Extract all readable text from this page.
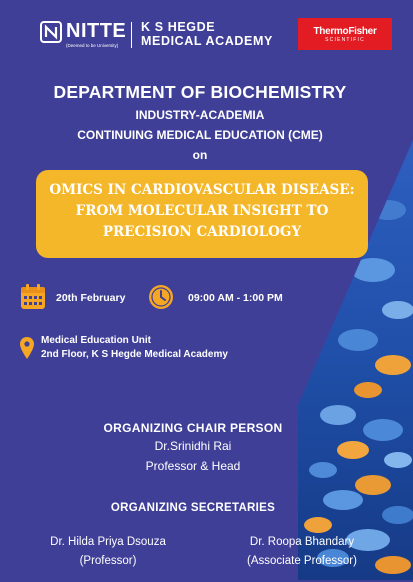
NITTE
(Deemed to be University)
K S HEGDE
MEDICAL ACADEMY
ThermoFisher
SCIENTIFIC
DEPARTMENT OF BIOCHEMISTRY
INDUSTRY-ACADEMIA
CONTINUING MEDICAL EDUCATION (CME)
on
OMICS IN CARDIOVASCULAR DISEASE:
FROM MOLECULAR INSIGHT TO
PRECISION CARDIOLOGY
20th February	09:00 AM - 1:00 PM
Medical Education Unit
2nd Floor, K S Hegde Medical Academy
ORGANIZING CHAIR PERSON
Dr.Srinidhi Rai
Professor & Head
ORGANIZING SECRETARIES
Dr. Hilda Priya Dsouza
(Professor)
Dr. Roopa Bhandary
(Associate Professor)
